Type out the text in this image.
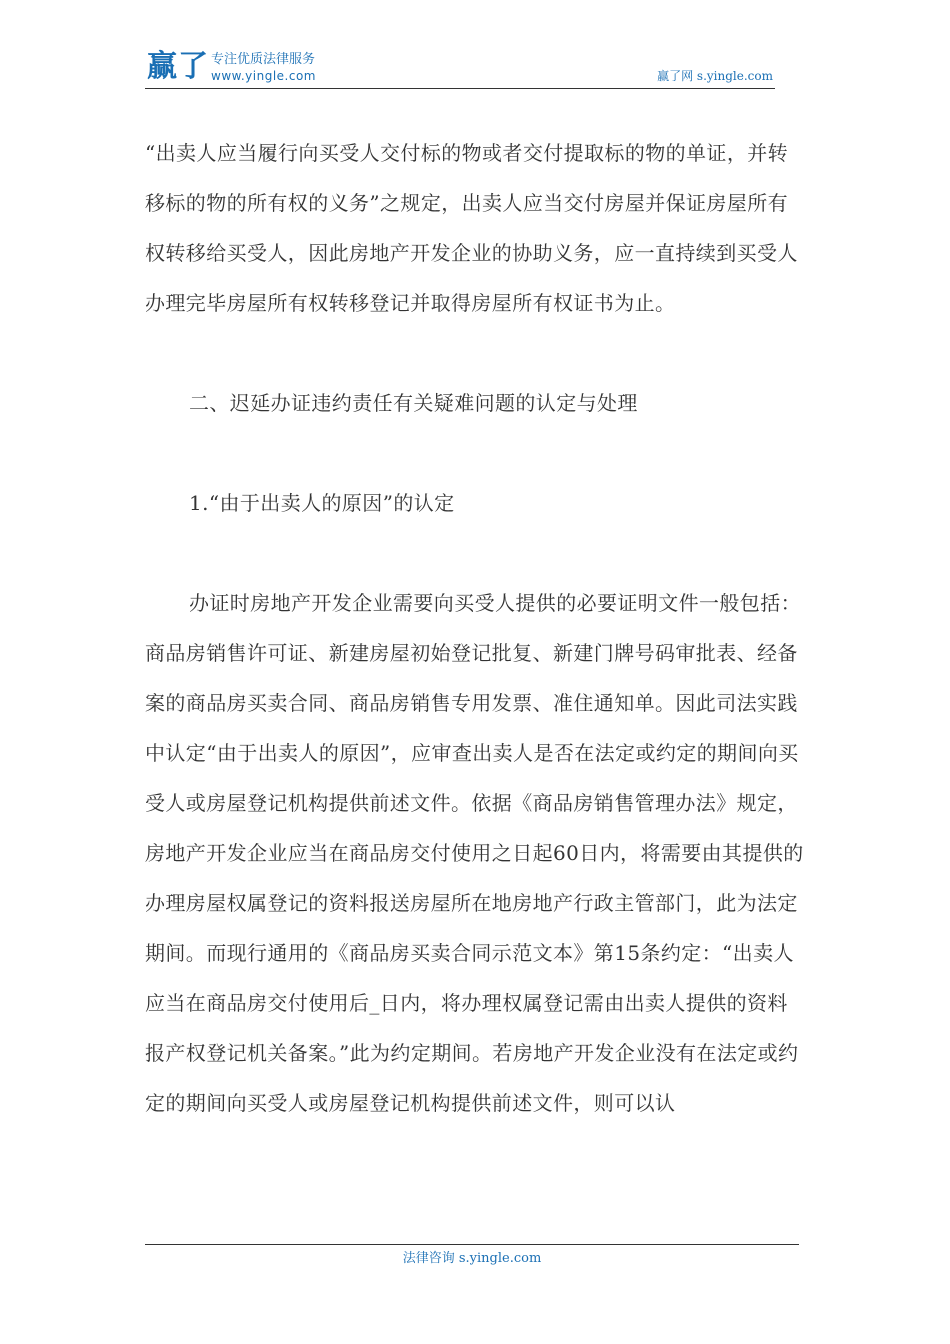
赢了 专注优质法律服务
www.yingle.com	赢了网 s.yingle.com

“出卖人应当履行向买受人交付标的物或者交付提取标的物的单证，并转移标的物的所有权的义务”之规定，出卖人应当交付房屋并保证房屋所有权转移给买受人，因此房地产开发企业的协助义务，应一直持续到买受人办理完毕房屋所有权转移登记并取得房屋所有权证书为止。

二、迟延办证违约责任有关疑难问题的认定与处理

1.“由于出卖人的原因”的认定

办证时房地产开发企业需要向买受人提供的必要证明文件一般包括：商品房销售许可证、新建房屋初始登记批复、新建门牌号码审批表、经备案的商品房买卖合同、商品房销售专用发票、准住通知单。因此司法实践中认定“由于出卖人的原因”，应审查出卖人是否在法定或约定的期间向买受人或房屋登记机构提供前述文件。依据《商品房销售管理办法》规定，房地产开发企业应当在商品房交付使用之日起60日内，将需要由其提供的 办理房屋权属登记的资料报送房屋所在地房地产行政主管部门，此为法定期间。而现行通用的《商品房买卖合同示范文本》第15条约定：“出卖人应当在商品房交付使用后_日内，将办理权属登记需由出卖人提供的资料报产权登记机关备案。”此为约定期间。若房地产开发企业没有在法定或约定的期间向买受人或房屋登记机构提供前述文件，则可以认

法律咨询 s.yingle.com
